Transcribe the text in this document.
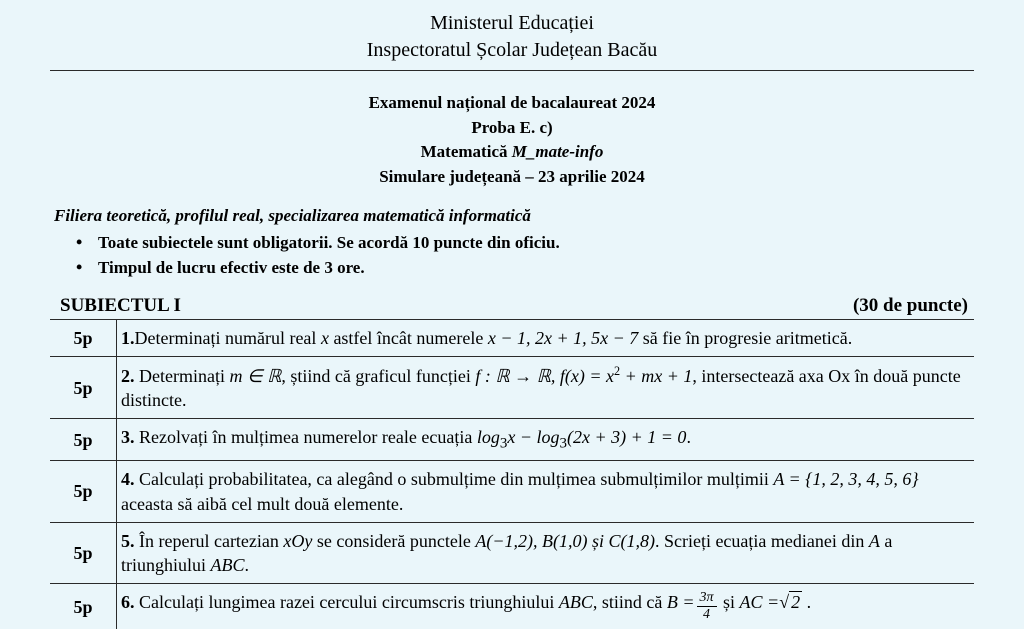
Ministerul Educației
Inspectoratul Școlar Județean Bacău
Examenul național de bacalaureat 2024
Proba E. c)
Matematică M_mate-info
Simulare județeană – 23 aprilie 2024
Filiera teoretică, profilul real, specializarea matematică informatică
• Toate subiectele sunt obligatorii. Se acordă 10 puncte din oficiu.
• Timpul de lucru efectiv este de 3 ore.
SUBIECTUL I	(30 de puncte)
5p	1.Determinați numărul real x astfel încât numerele x − 1, 2x + 1, 5x − 7 să fie în progresie aritmetică.
5p	2. Determinați m ∈ ℝ, știind că graficul funcției f : ℝ → ℝ, $f(x) = x^2$ + mx + 1, intersectează axa Ox în două puncte distincte.
5p	3. Rezolvați în mulțimea numerelor reale ecuația $\log_3x - \log_3(2x + 3) + 1 = 0$.
5p	4. Calculați probabilitatea, ca alegând o submulțime din mulțimea submulțimilor mulțimii A = {1, 2, 3, 4, 5, 6} aceasta să aibă cel mult două elemente.
5p	5. În reperul cartezian xOy se consideră punctele A(−1,2), B(1,0) și C(1,8). Scrieți ecuația medianei din A a triunghiului ABC.
5p	6. Calculați lungimea razei cercului circumscris triunghiului ABC, stiind că $B = \frac{3\pi}{4}$ și AC =√ 2 .
